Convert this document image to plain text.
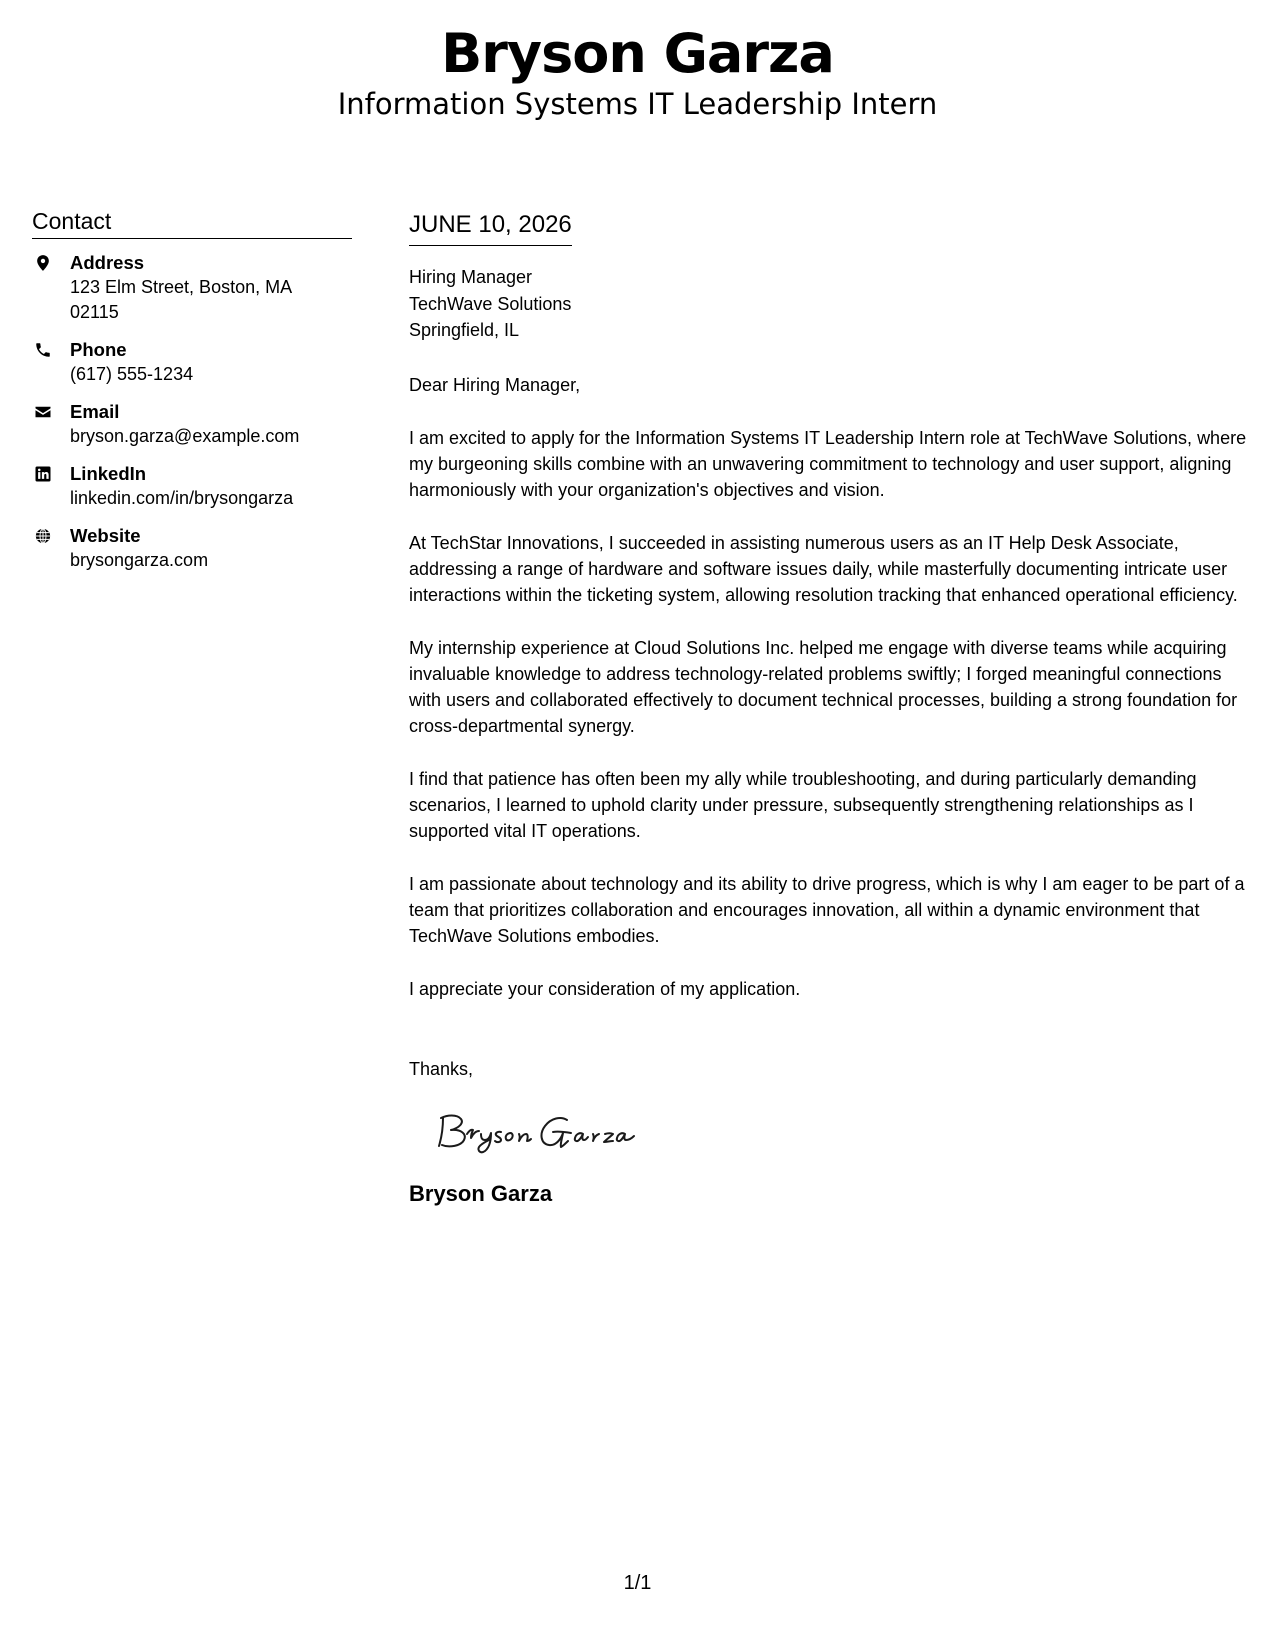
Bryson Garza
Information Systems IT Leadership Intern
Contact
Address
123 Elm Street, Boston, MA 02115
Phone
(617) 555-1234
Email
bryson.garza@example.com
LinkedIn
linkedin.com/in/brysongarza
Website
brysongarza.com
JUNE 10, 2026
Hiring Manager
TechWave Solutions
Springfield, IL
Dear Hiring Manager,
I am excited to apply for the Information Systems IT Leadership Intern role at TechWave Solutions, where my burgeoning skills combine with an unwavering commitment to technology and user support, aligning harmoniously with your organization's objectives and vision.
At TechStar Innovations, I succeeded in assisting numerous users as an IT Help Desk Associate, addressing a range of hardware and software issues daily, while masterfully documenting intricate user interactions within the ticketing system, allowing resolution tracking that enhanced operational efficiency.
My internship experience at Cloud Solutions Inc. helped me engage with diverse teams while acquiring invaluable knowledge to address technology-related problems swiftly; I forged meaningful connections with users and collaborated effectively to document technical processes, building a strong foundation for cross-departmental synergy.
I find that patience has often been my ally while troubleshooting, and during particularly demanding scenarios, I learned to uphold clarity under pressure, subsequently strengthening relationships as I supported vital IT operations.
I am passionate about technology and its ability to drive progress, which is why I am eager to be part of a team that prioritizes collaboration and encourages innovation, all within a dynamic environment that TechWave Solutions embodies.
I appreciate your consideration of my application.
Thanks,
Bryson Garza
1/1
